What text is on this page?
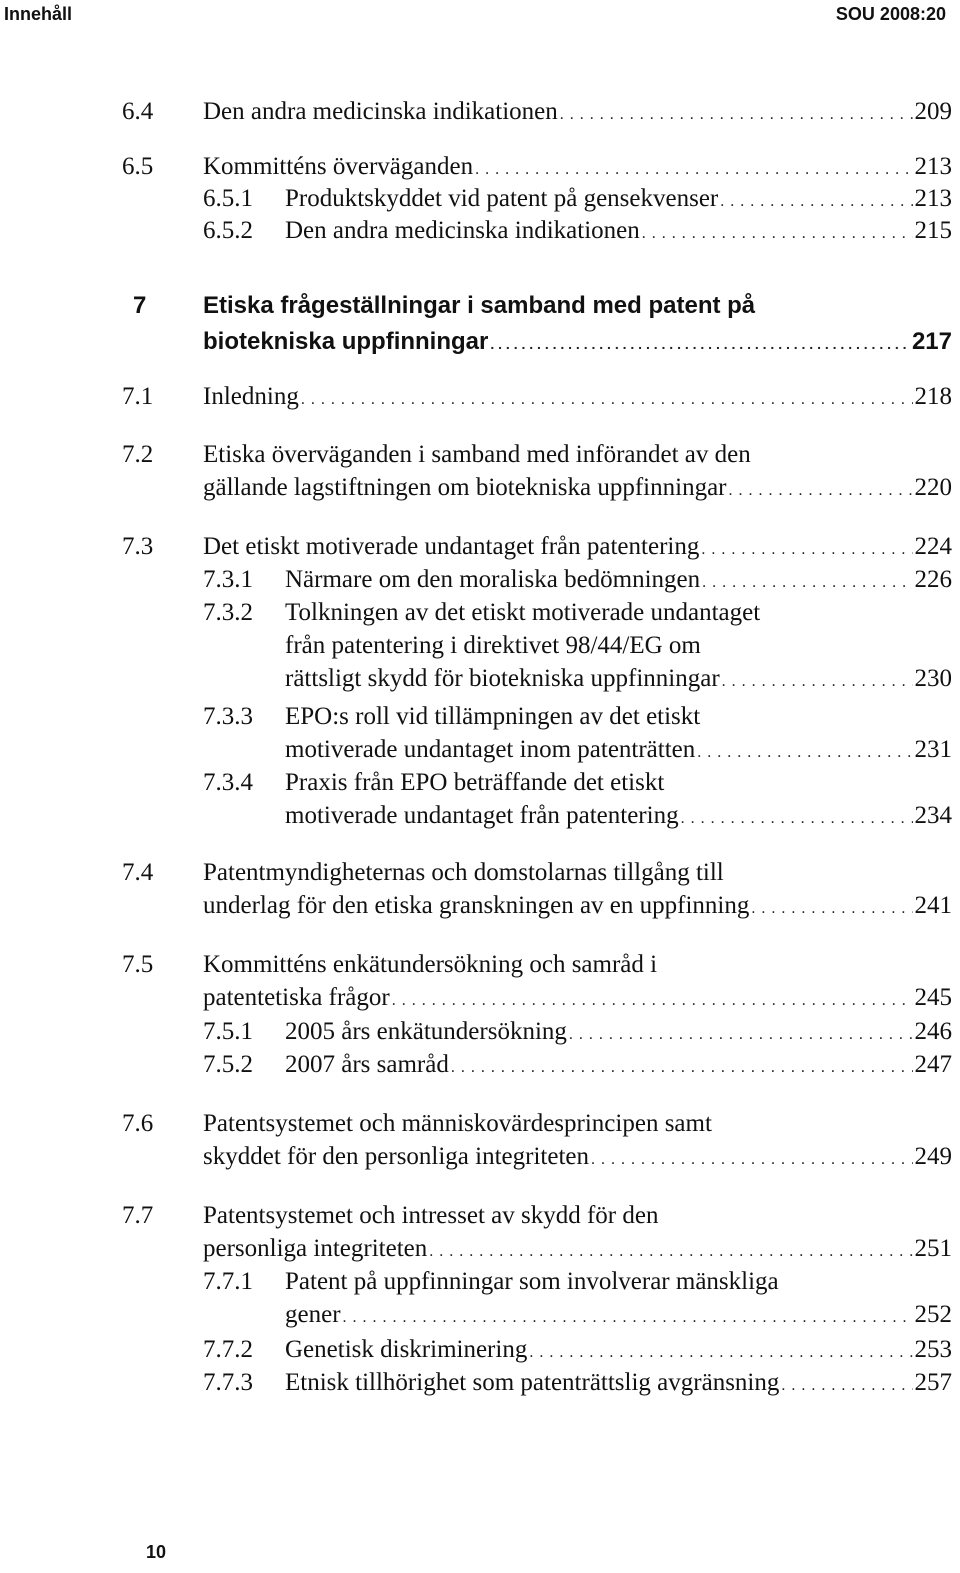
Innehåll	SOU 2008:20
6.4 Den andra medicinska indikationen . . .	209
6.5 Kommitténs överväganden . . .	213
6.5.1 Produktskyddet vid patent på gensekvenser . . .	213
6.5.2 Den andra medicinska indikationen . . .	215
7 Etiska frågeställningar i samband med patent på
biotekniska uppfinningar . . .	217
7.1 Inledning . . .	218
7.2 Etiska överväganden i samband med införandet av den
gällande lagstiftningen om biotekniska uppfinningar . . .	220
7.3 Det etiskt motiverade undantaget från patentering . . .	224
7.3.1 Närmare om den moraliska bedömningen . . .	226
7.3.2 Tolkningen av det etiskt motiverade undantaget
från patentering i direktivet 98/44/EG om
rättsligt skydd för biotekniska uppfinningar . . .	230
7.3.3 EPO:s roll vid tillämpningen av det etiskt
motiverade undantaget inom patenträtten . . .	231
7.3.4 Praxis från EPO beträffande det etiskt
motiverade undantaget från patentering . . .	234
7.4 Patentmyndigheternas och domstolarnas tillgång till
underlag för den etiska granskningen av en uppfinning . . .	241
7.5 Kommitténs enkätundersökning och samråd i
patentetiska frågor . . .	245
7.5.1 2005 års enkätundersökning . . .	246
7.5.2 2007 års samråd . . .	247
7.6 Patentsystemet och människovärdesprincipen samt
skyddet för den personliga integriteten . . .	249
7.7 Patentsystemet och intresset av skydd för den
personliga integriteten . . .	251
7.7.1 Patent på uppfinningar som involverar mänskliga
gener . . .	252
7.7.2 Genetisk diskriminering . . .	253
7.7.3 Etnisk tillhörighet som patenträttslig avgränsning . . .	257
10
